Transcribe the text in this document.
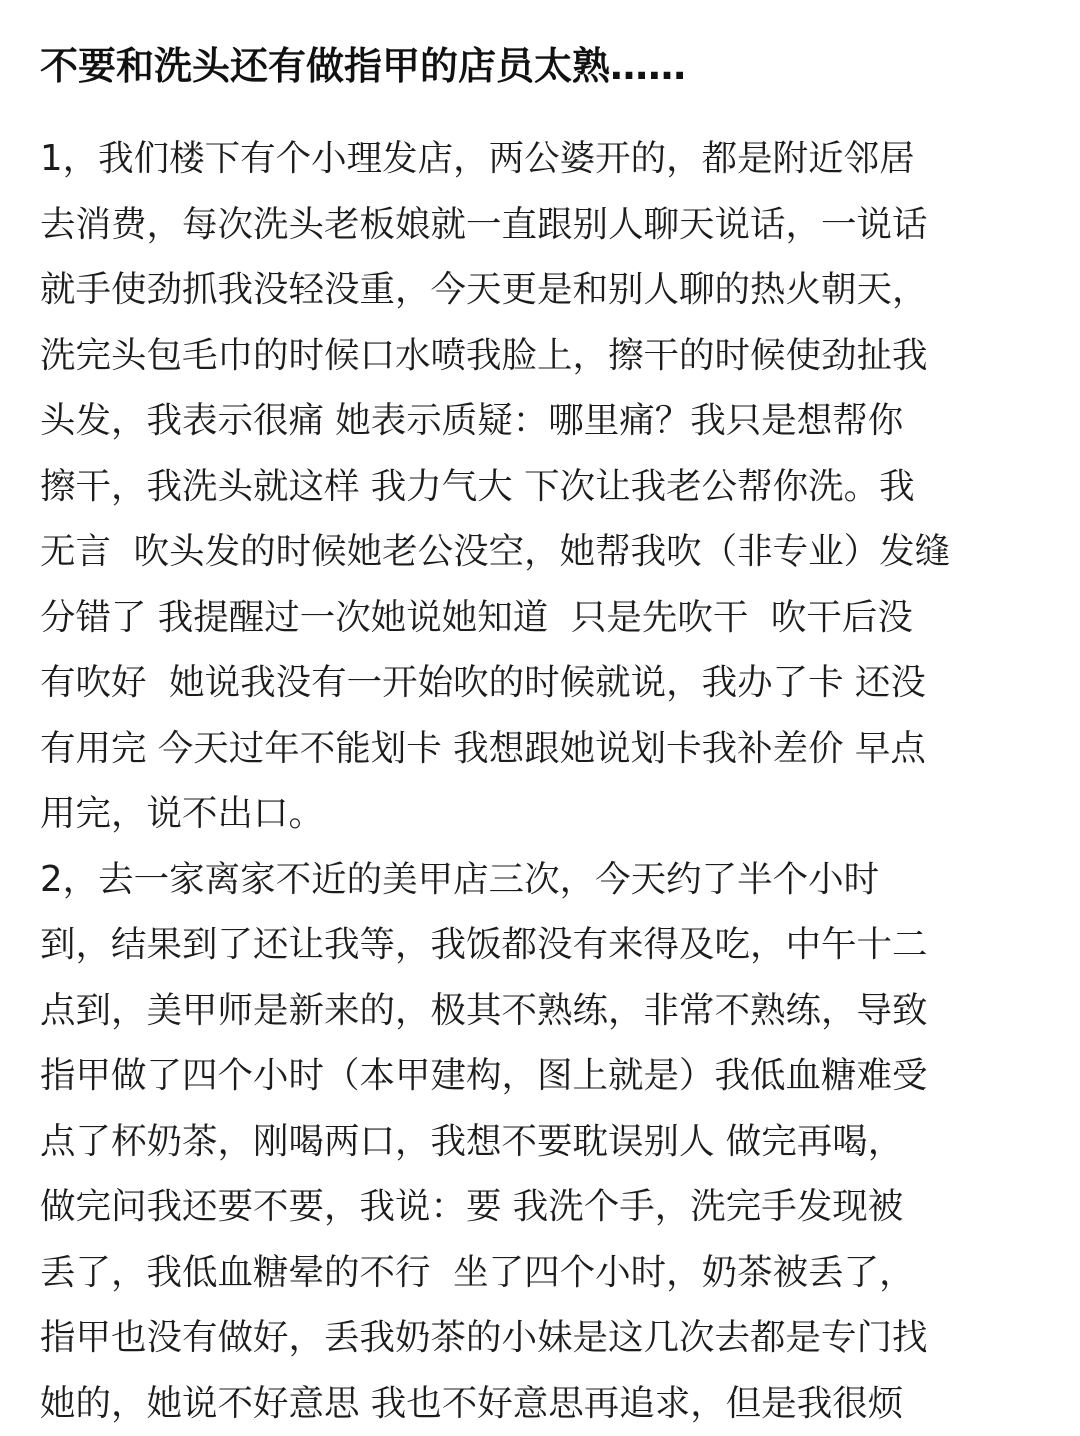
不要和洗头还有做指甲的店员太熟……
1，我们楼下有个小理发店，两公婆开的，都是附近邻居
去消费，每次洗头老板娘就一直跟别人聊天说话，一说话
就手使劲抓我没轻没重，今天更是和别人聊的热火朝天，
洗完头包毛巾的时候口水喷我脸上，擦干的时候使劲扯我
头发，我表示很痛 她表示质疑：哪里痛？我只是想帮你
擦干，我洗头就这样 我力气大 下次让我老公帮你洗。我
无言  吹头发的时候她老公没空，她帮我吹（非专业）发缝
分错了 我提醒过一次她说她知道  只是先吹干  吹干后没
有吹好  她说我没有一开始吹的时候就说，我办了卡 还没
有用完 今天过年不能划卡 我想跟她说划卡我补差价 早点
用完，说不出口。
2，去一家离家不近的美甲店三次，今天约了半个小时
到，结果到了还让我等，我饭都没有来得及吃，中午十二
点到，美甲师是新来的，极其不熟练，非常不熟练，导致
指甲做了四个小时（本甲建构，图上就是）我低血糖难受
点了杯奶茶，刚喝两口，我想不要耽误别人 做完再喝，
做完问我还要不要，我说：要 我洗个手，洗完手发现被
丢了，我低血糖晕的不行  坐了四个小时，奶茶被丢了，
指甲也没有做好，丢我奶茶的小妹是这几次去都是专门找
她的，她说不好意思 我也不好意思再追求，但是我很烦
